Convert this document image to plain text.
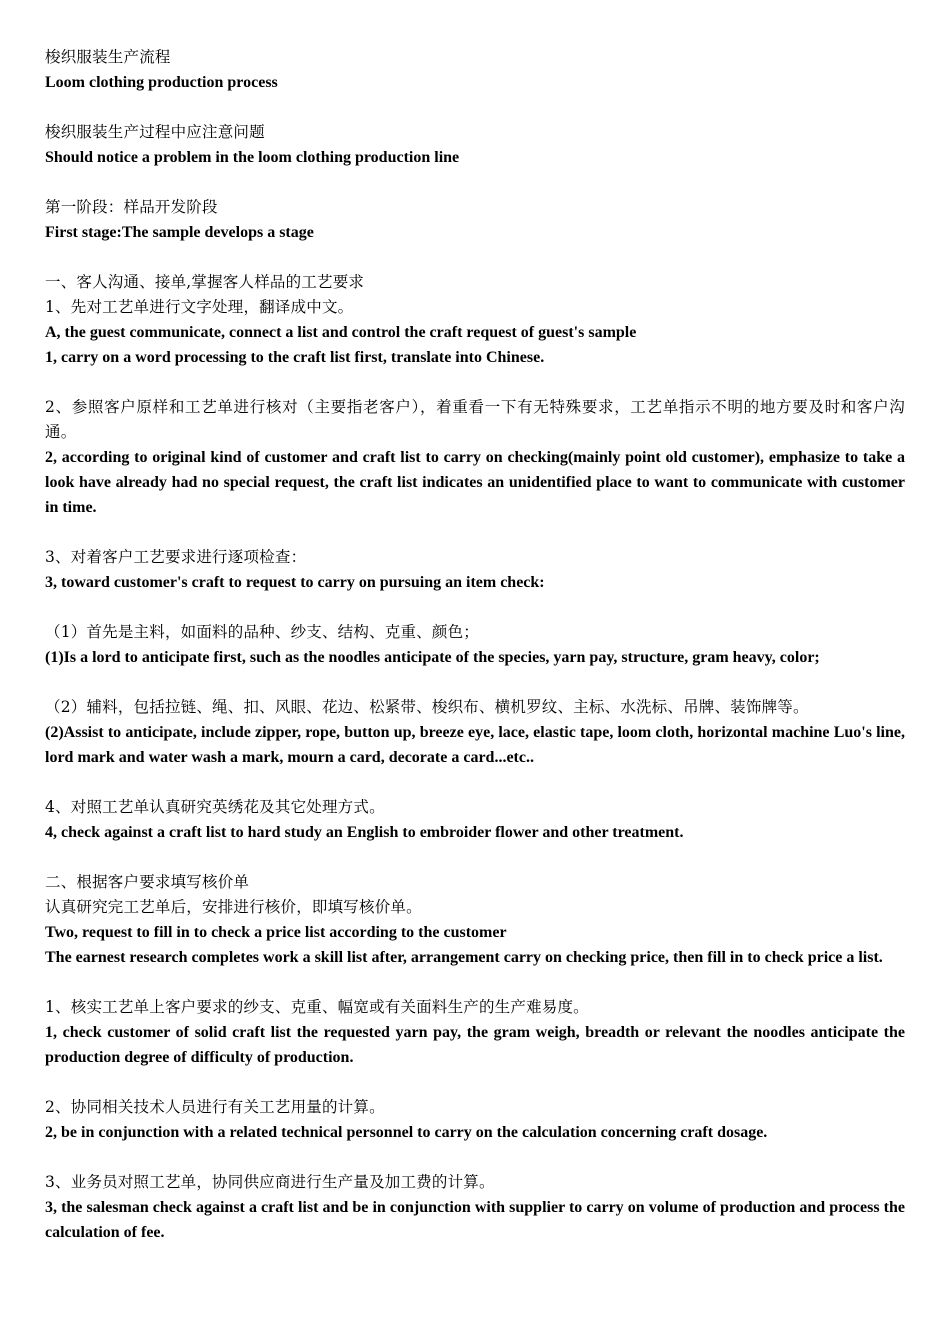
梭织服装生产流程
Loom clothing production process
梭织服装生产过程中应注意问题
Should notice a problem in the loom clothing production line
第一阶段：样品开发阶段
First stage:The sample develops a stage
一、客人沟通、接单,掌握客人样品的工艺要求
1、先对工艺单进行文字处理，翻译成中文。
A, the guest communicate, connect a list and control the craft request of guest's sample
1, carry on a word processing to the craft list first, translate into Chinese.
2、参照客户原样和工艺单进行核对（主要指老客户），着重看一下有无特殊要求，工艺单指示不明的地方要及时和客户沟通。
2, according to original kind of customer and craft list to carry on checking(mainly point old customer), emphasize to take a look have already had no special request, the craft list indicates an unidentified place to want to communicate with customer in time.
3、对着客户工艺要求进行逐项检查：
3, toward customer's craft to request to carry on pursuing an item check:
（1）首先是主料，如面料的品种、纱支、结构、克重、颜色；
(1)Is a lord to anticipate first, such as the noodles anticipate of the species, yarn pay, structure, gram heavy, color;
（2）辅料，包括拉链、绳、扣、风眼、花边、松紧带、梭织布、横机罗纹、主标、水洗标、吊牌、装饰牌等。
(2)Assist to anticipate, include zipper, rope, button up, breeze eye, lace, elastic tape, loom cloth, horizontal machine Luo's line, lord mark and water wash a mark, mourn a card, decorate a card...etc..
4、对照工艺单认真研究英绣花及其它处理方式。
4, check against a craft list to hard study an English to embroider flower and other treatment.
二、根据客户要求填写核价单
认真研究完工艺单后，安排进行核价，即填写核价单。
Two, request to fill in to check a price list according to the customer
The earnest research completes work a skill list after, arrangement carry on checking price, then fill in to check price a list.
1、核实工艺单上客户要求的纱支、克重、幅宽或有关面料生产的生产难易度。
1, check customer of solid craft list the requested yarn pay, the gram weigh, breadth or relevant the noodles anticipate the production degree of difficulty of production.
2、协同相关技术人员进行有关工艺用量的计算。
2, be in conjunction with a related technical personnel to carry on the calculation concerning craft dosage.
3、业务员对照工艺单，协同供应商进行生产量及加工费的计算。
3, the salesman check against a craft list and be in conjunction with supplier to carry on volume of production and process the calculation of fee.
